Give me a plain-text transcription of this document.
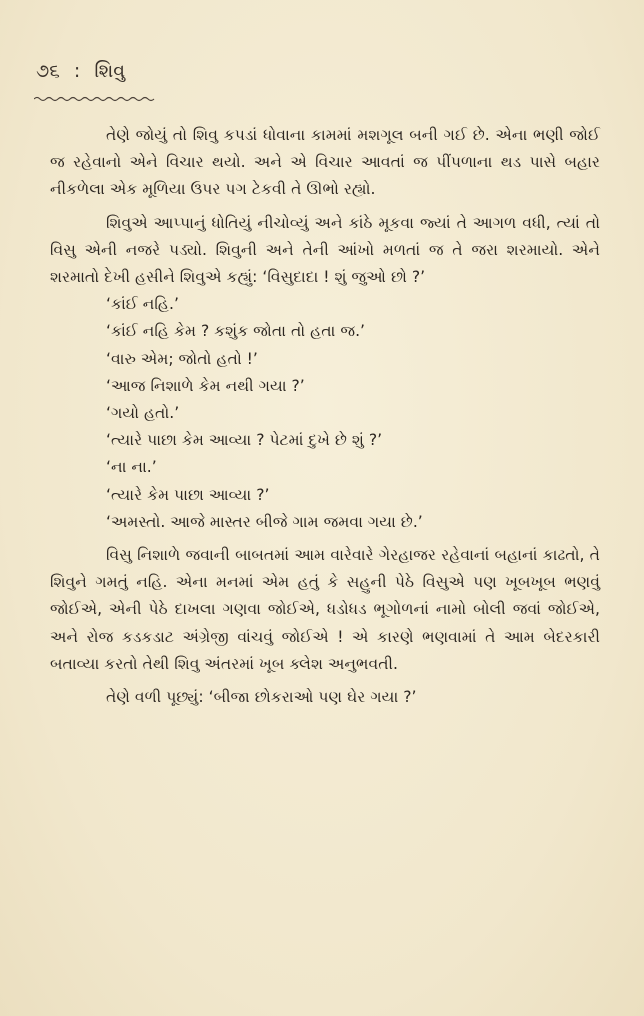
૭૬ : શિવુ

તેણે જોયું તો શિવુ કપડાં ધોવાના કામમાં મશગૂલ બની ગઈ છે. એના ભણી જોઈ જ રહેવાનો એને વિચાર થયો. અને એ વિચાર આવતાં જ પીંપળાના થડ પાસે બહાર નીકળેલા એક મૂળિયા ઉપર પગ ટેકવી તે ઊભો રહ્યો.

શિવુએ આપ્પાનું ધોતિયું નીચોવ્યું અને કાંઠે મૂકવા જ્યાં તે આગળ વધી, ત્યાં તો વિસુ એની નજરે પડ્યો. શિવુની અને તેની આંખો મળતાં જ તે જરા શરમાયો. એને શરમાતો દેખી હસીને શિવુએ કહ્યું: ‘વિસુદાદા ! શું જુઓ છો ?’

‘કાંઈ નહિ.’

‘કાંઈ નહિ કેમ ? કશુંક જોતા તો હતા જ.’

‘વારુ એમ; જોતો હતો !’

‘આજ નિશાળે કેમ નથી ગયા ?’

‘ગયો હતો.’

‘ત્યારે પાછા કેમ આવ્યા ? પેટમાં દુખે છે શું ?’

‘ના ના.’

‘ત્યારે કેમ પાછા આવ્યા ?’

‘અમસ્તો. આજે માસ્તર બીજે ગામ જમવા ગયા છે.’

વિસુ નિશાળે જવાની બાબતમાં આમ વારેવારે ગેરહાજર રહેવાનાં બહાનાં કાઢતો, તે શિવુને ગમતું નહિ. એના મનમાં એમ હતું કે સહુની પેઠે વિસુએ પણ ખૂબખૂબ ભણવું જોઈએ, એની પેઠે દાખલા ગણવા જોઈએ, ધડોધડ ભૂગોળનાં નામો બોલી જવાં જોઈએ, અને રોજ કડકડાટ અંગ્રેજી વાંચવું જોઈએ ! એ કારણે ભણવામાં તે આમ બેદરકારી બતાવ્યા કરતો તેથી શિવુ અંતરમાં ખૂબ ક્લેશ અનુભવતી.

તેણે વળી પૂછ્યું: ‘બીજા છોકરાઓ પણ ઘેર ગયા ?’
